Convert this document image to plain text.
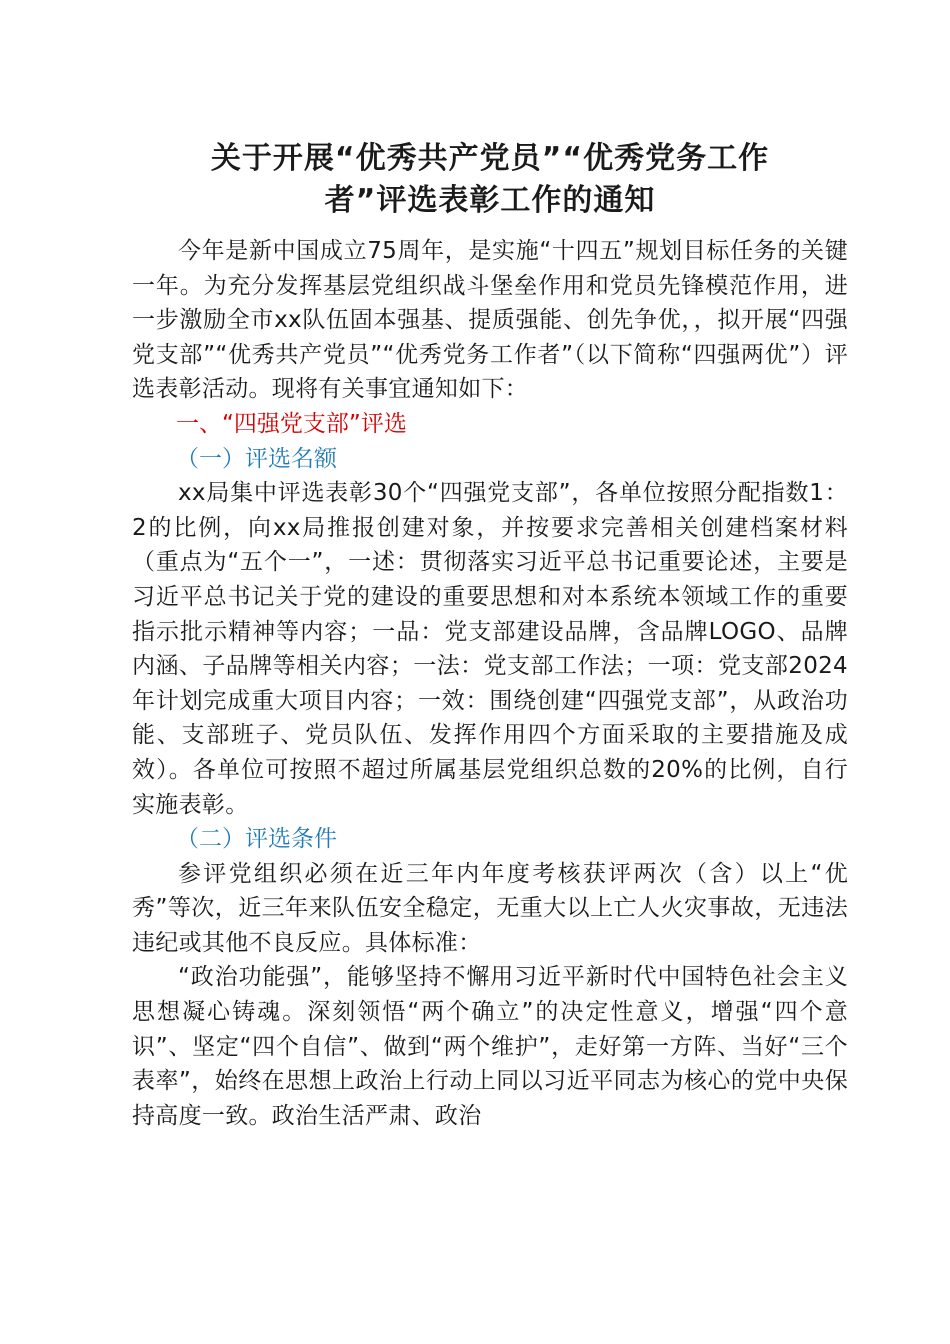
关于开展“优秀共产党员”“优秀党务工作
者”评选表彰工作的通知

今年是新中国成立75周年，是实施“十四五”规划目标任务的关键一年。为充分发挥基层党组织战斗堡垒作用和党员先锋模范作用，进一步激励全市xx队伍固本强基、提质强能、创先争优，，拟开展“四强党支部”“优秀共产党员”“优秀党务工作者”（以下简称“四强两优”）评选表彰活动。现将有关事宜通知如下：

一、“四强党支部”评选

（一）评选名额

xx局集中评选表彰30个“四强党支部”，各单位按照分配指数1：2的比例，向xx局推报创建对象，并按要求完善相关创建档案材料（重点为“五个一”，一述：贯彻落实习近平总书记重要论述，主要是习近平总书记关于党的建设的重要思想和对本系统本领域工作的重要指示批示精神等内容；一品：党支部建设品牌，含品牌LOGO、品牌内涵、子品牌等相关内容；一法：党支部工作法；一项：党支部2024年计划完成重大项目内容；一效：围绕创建“四强党支部”，从政治功能、支部班子、党员队伍、发挥作用四个方面采取的主要措施及成效）。各单位可按照不超过所属基层党组织总数的20%的比例，自行实施表彰。

（二）评选条件

参评党组织必须在近三年内年度考核获评两次（含）以上“优秀”等次，近三年来队伍安全稳定，无重大以上亡人火灾事故，无违法违纪或其他不良反应。具体标准：

“政治功能强”，能够坚持不懈用习近平新时代中国特色社会主义思想凝心铸魂。深刻领悟“两个确立”的决定性意义，增强“四个意识”、坚定“四个自信”、做到“两个维护”，走好第一方阵、当好“三个表率”，始终在思想上政治上行动上同以习近平同志为核心的党中央保持高度一致。政治生活严肃、政治
